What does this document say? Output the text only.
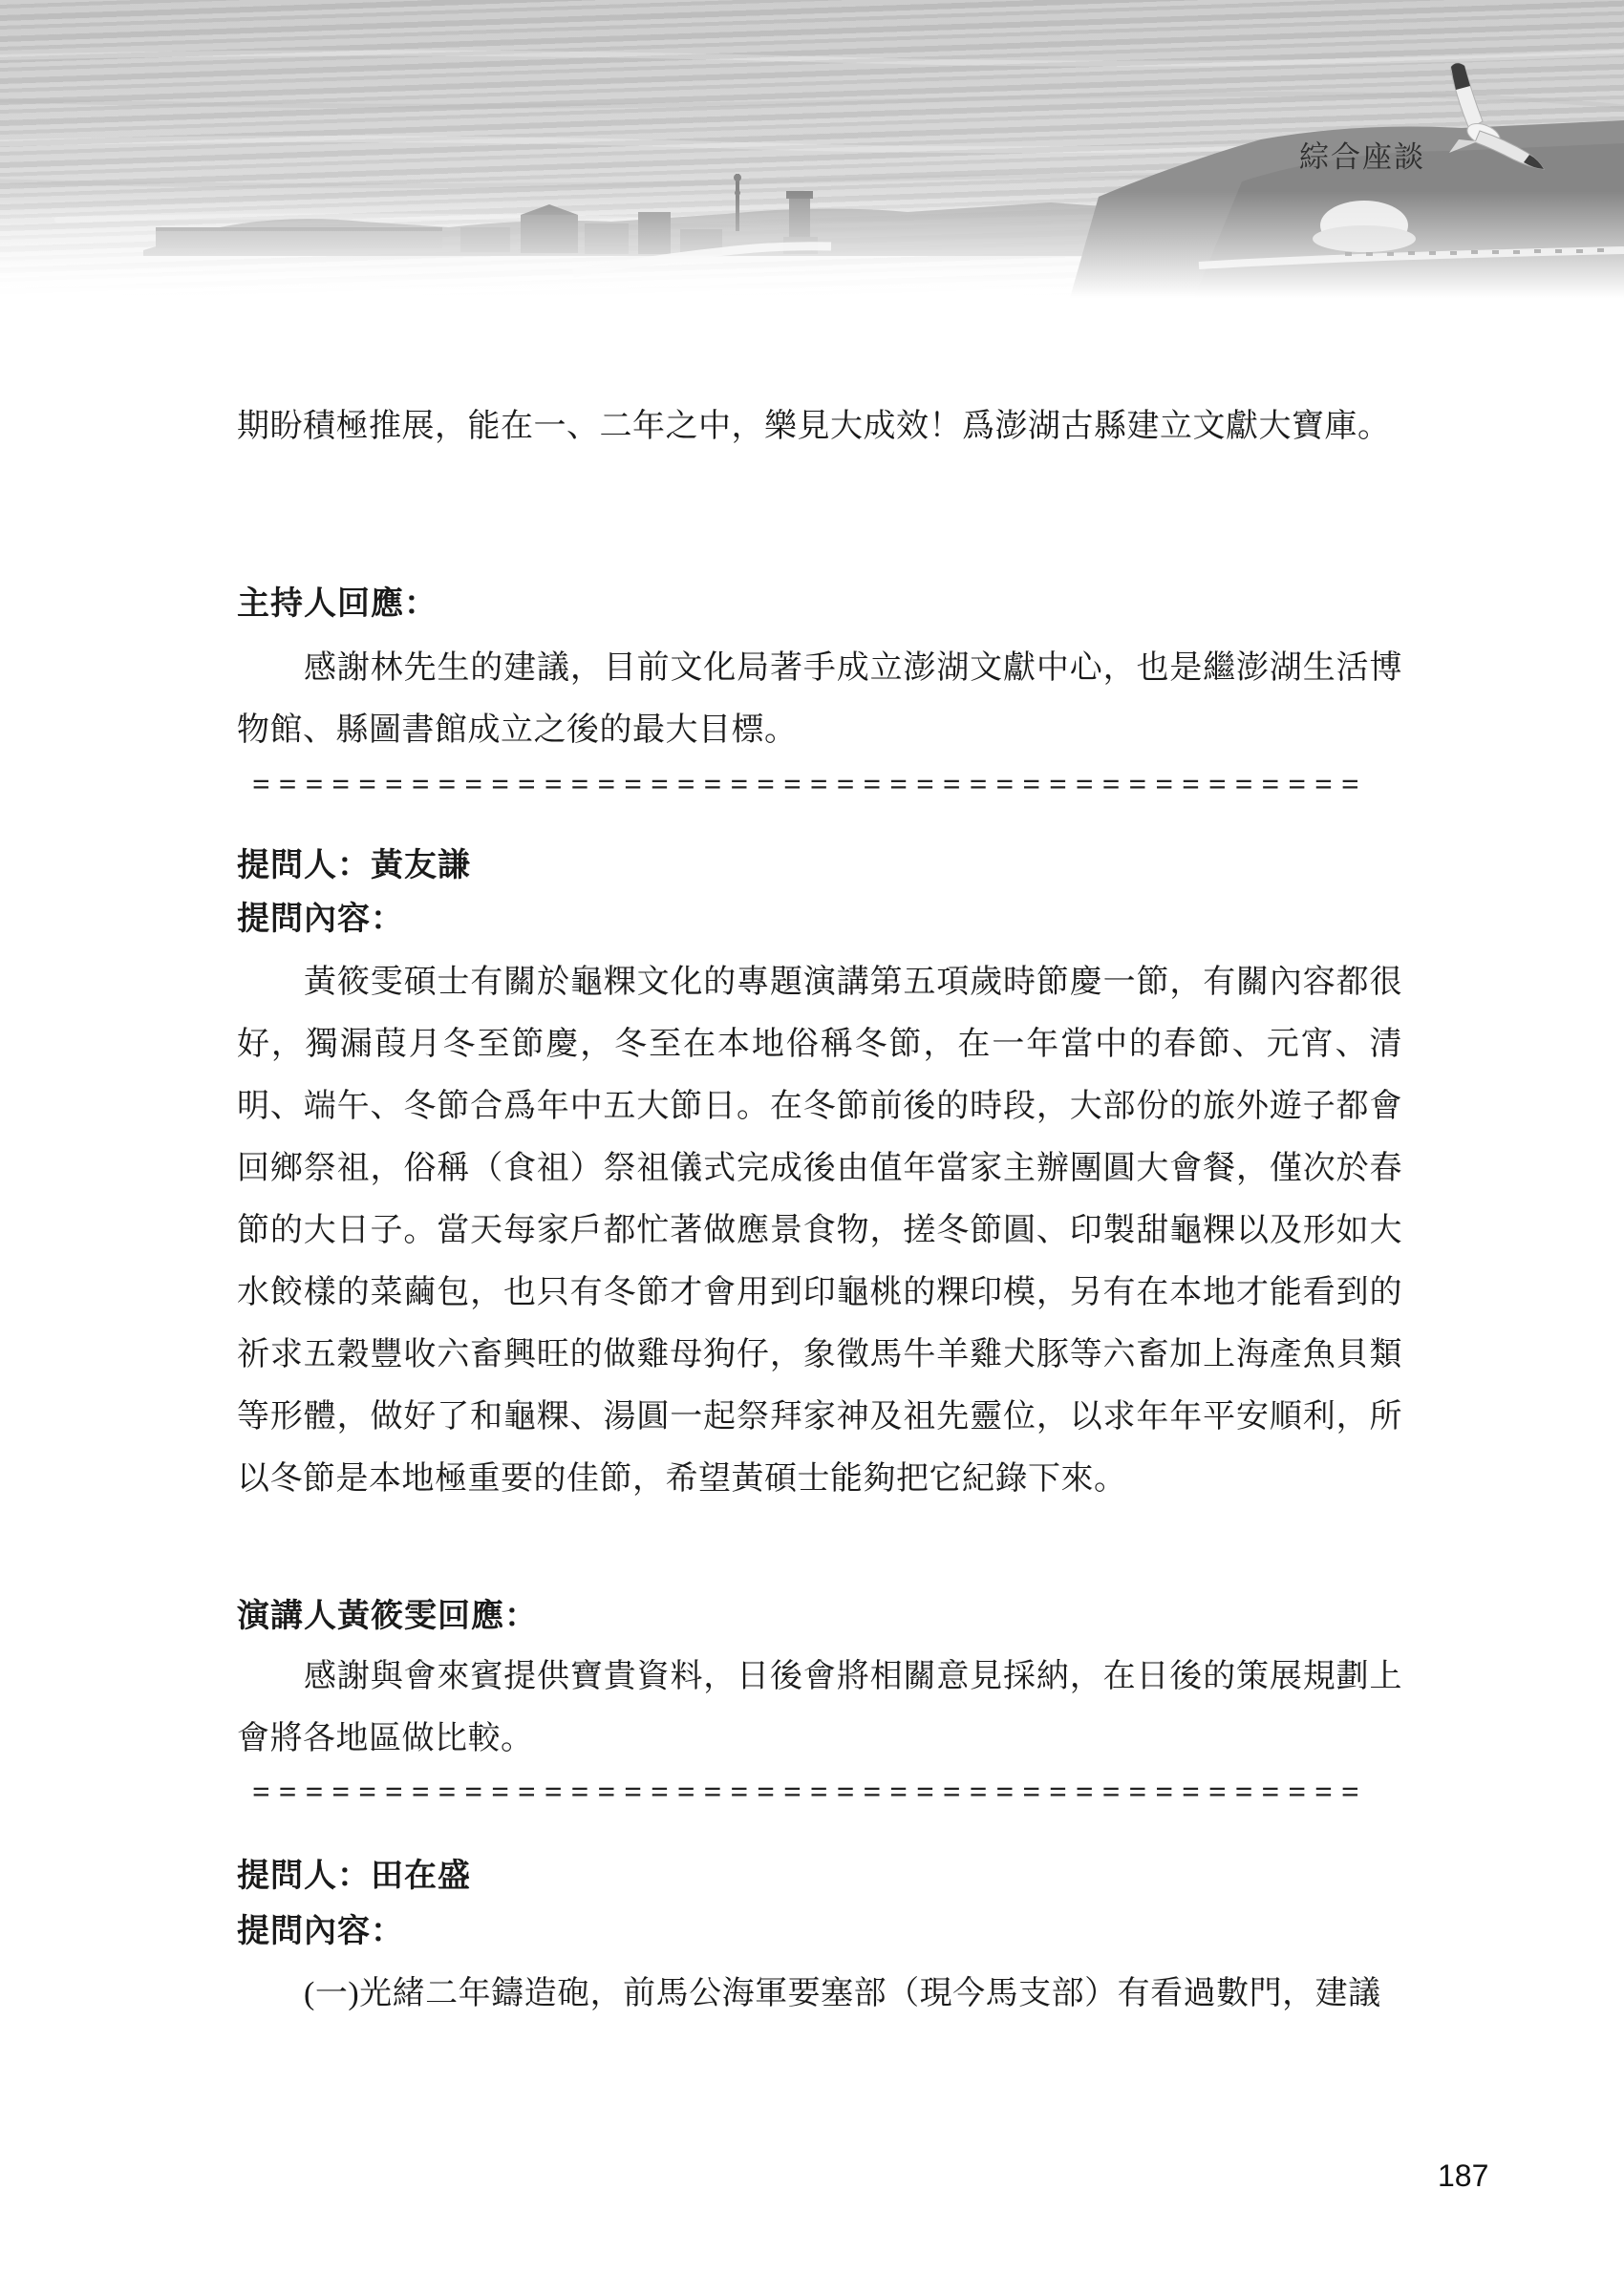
綜合座談

期盼積極推展，能在一、二年之中，樂見大成效！爲澎湖古縣建立文獻大寶庫。

主持人回應：

感謝林先生的建議，目前文化局著手成立澎湖文獻中心，也是繼澎湖生活博物館、縣圖書館成立之後的最大目標。

==========================================
提問人：黃友謙
提問內容：

黃筱雯碩士有關於龜粿文化的專題演講第五項歲時節慶一節，有關內容都很好，獨漏葭月冬至節慶，冬至在本地俗稱冬節，在一年當中的春節、元宵、清明、端午、冬節合爲年中五大節日。在冬節前後的時段，大部份的旅外遊子都會回鄉祭祖，俗稱（食祖）祭祖儀式完成後由值年當家主辦團圓大會餐，僅次於春節的大日子。當天每家戶都忙著做應景食物，搓冬節圓、印製甜龜粿以及形如大水餃樣的菜繭包，也只有冬節才會用到印龜桃的粿印模，另有在本地才能看到的祈求五穀豐收六畜興旺的做雞母狗仔，象徵馬牛羊雞犬豚等六畜加上海產魚貝類等形體，做好了和龜粿、湯圓一起祭拜家神及祖先靈位，以求年年平安順利，所以冬節是本地極重要的佳節，希望黃碩士能夠把它紀錄下來。

演講人黃筱雯回應：

感謝與會來賓提供寶貴資料，日後會將相關意見採納，在日後的策展規劃上會將各地區做比較。

==========================================
提問人：田在盛
提問內容：

(一)光緒二年鑄造砲，前馬公海軍要塞部（現今馬支部）有看過數門，建議

187
